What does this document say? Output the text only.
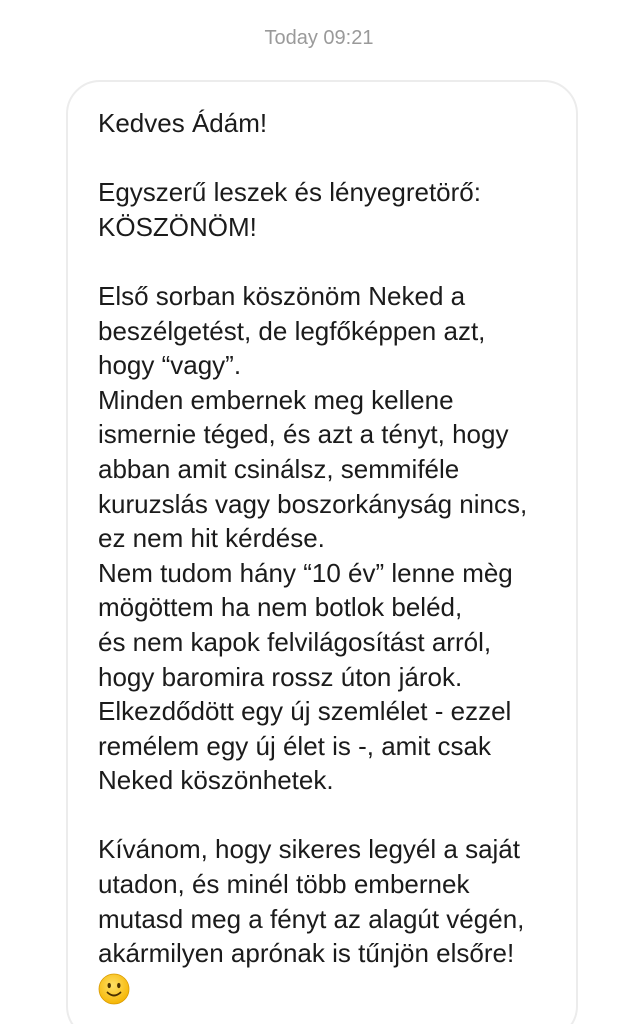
Today 09:21
Kedves Ádám!
Egyszerű leszek és lényegretörő:
KÖSZÖNÖM!
Első sorban köszönöm Neked a
beszélgetést, de legfőképpen azt,
hogy “vagy”.
Minden embernek meg kellene
ismernie téged, és azt a tényt, hogy
abban amit csinálsz, semmiféle
kuruzslás vagy boszorkányság nincs,
ez nem hit kérdése.
Nem tudom hány “10 év” lenne mèg
mögöttem ha nem botlok beléd,
és nem kapok felvilágosítást arról,
hogy baromira rossz úton járok.
Elkezdődött egy új szemlélet - ezzel
remélem egy új élet is -, amit csak
Neked köszönhetek.
Kívánom, hogy sikeres legyél a saját
utadon, és minél több embernek
mutasd meg a fényt az alagút végén,
akármilyen aprónak is tűnjön elsőre!
